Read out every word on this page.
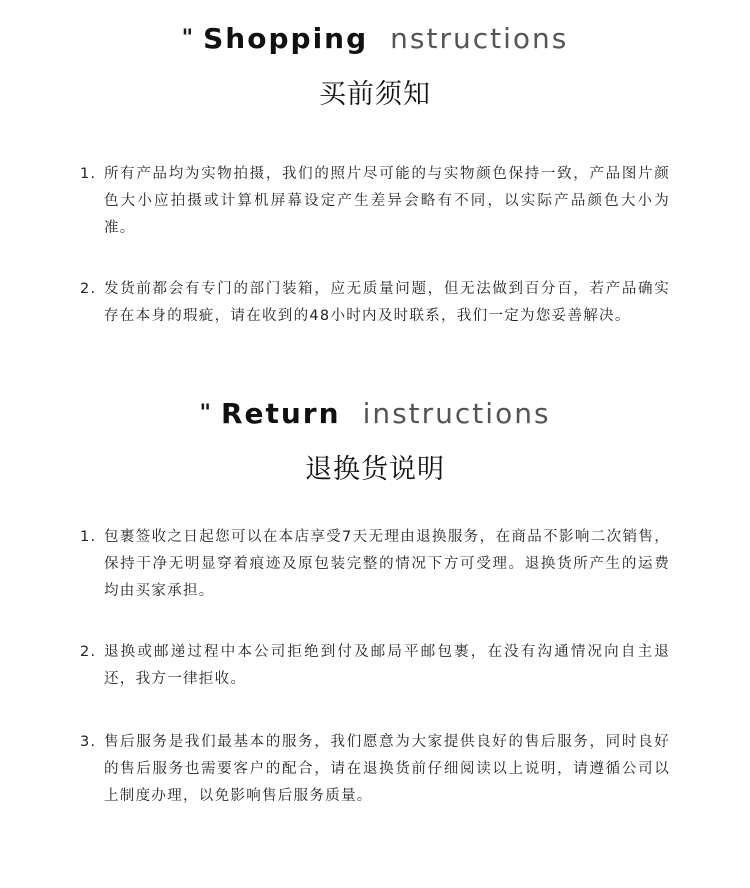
" Shopping nstructions
买前须知
1. 所有产品均为实物拍摄，我们的照片尽可能的与实物颜色保持一致，产品图片颜色大小应拍摄或计算机屏幕设定产生差异会略有不同，以实际产品颜色大小为准。
2. 发货前都会有专门的部门装箱，应无质量问题，但无法做到百分百，若产品确实存在本身的瑕疵，请在收到的48小时内及时联系，我们一定为您妥善解决。
" Return instructions
退换货说明
1. 包裹签收之日起您可以在本店享受7天无理由退换服务，在商品不影响二次销售，保持干净无明显穿着痕迹及原包装完整的情况下方可受理。退换货所产生的运费均由买家承担。
2. 退换或邮递过程中本公司拒绝到付及邮局平邮包裹，在没有沟通情况向自主退还，我方一律拒收。
3. 售后服务是我们最基本的服务，我们愿意为大家提供良好的售后服务，同时良好的售后服务也需要客户的配合，请在退换货前仔细阅读以上说明，请遵循公司以上制度办理，以免影响售后服务质量。
